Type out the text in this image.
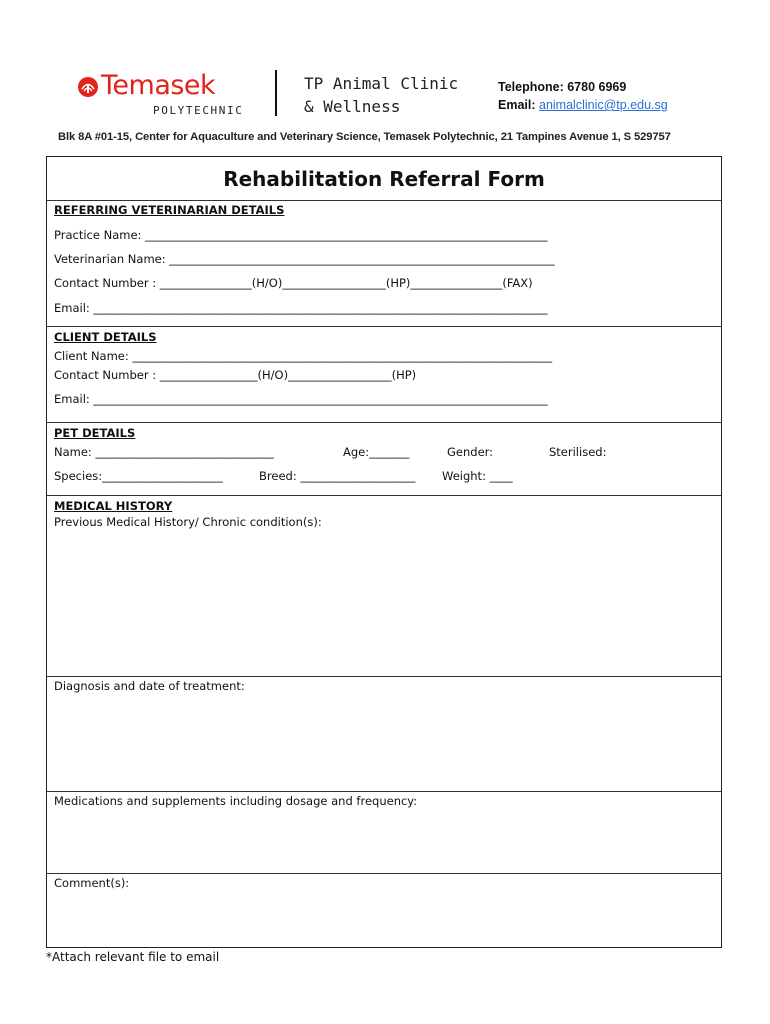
Temasek
POLYTECHNIC
TP Animal Clinic
& Wellness
Telephone: 6780 6969
Email: animalclinic@tp.edu.sg
Blk 8A #01-15, Center for Aquaculture and Veterinary Science, Temasek Polytechnic, 21 Tampines Avenue 1, S 529757
Rehabilitation Referral Form
REFERRING VETERINARIAN DETAILS
Practice Name: ______________________________________________________________________
Veterinarian Name: ___________________________________________________________________
Contact Number : ________________(H/O)__________________(HP)________________(FAX)
Email: _______________________________________________________________________________
CLIENT DETAILS
Client Name: _________________________________________________________________________
Contact Number : _________________(H/O)__________________(HP)
Email: _______________________________________________________________________________
PET DETAILS
Name: _______________________________	Age:_______	Gender:	Sterilised:
Species:_____________________	Breed: ____________________ Weight: ____
MEDICAL HISTORY
Previous Medical History/ Chronic condition(s):
Diagnosis and date of treatment:
Medications and supplements including dosage and frequency:
Comment(s):
*Attach relevant file to email
